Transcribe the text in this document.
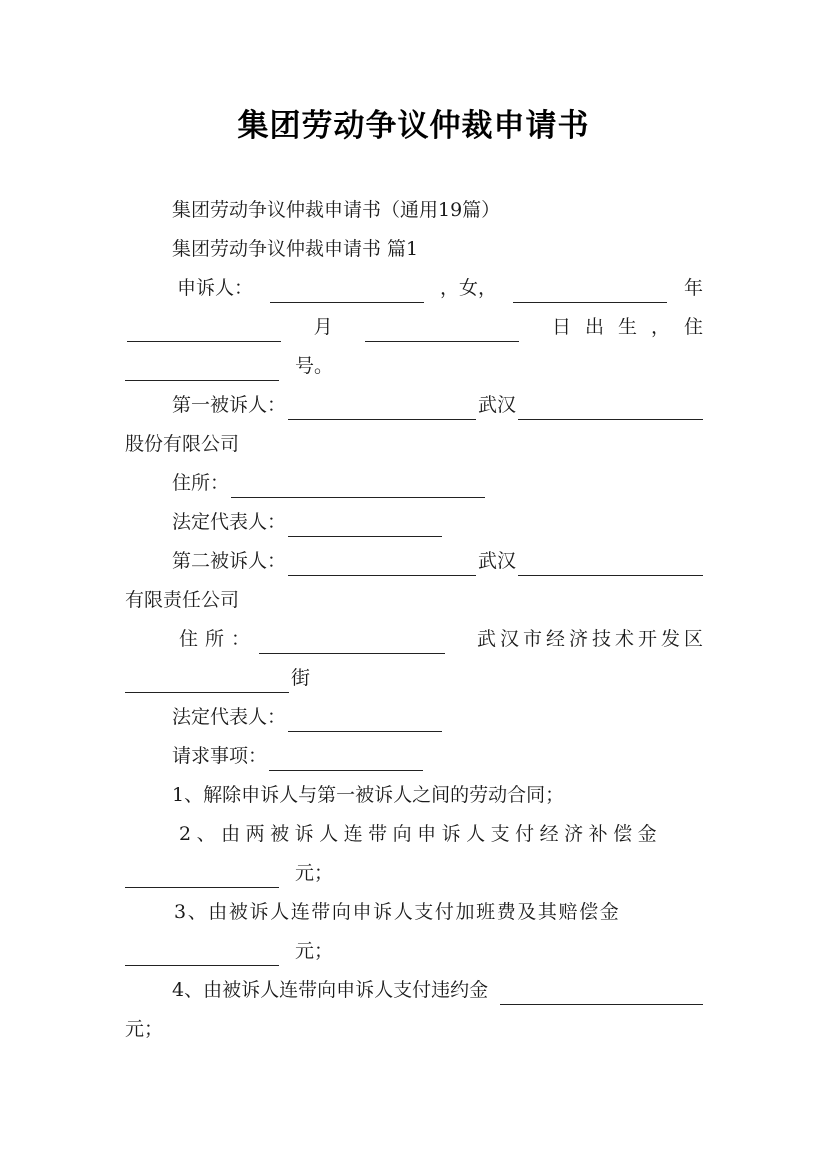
集团劳动争议仲裁申请书
集团劳动争议仲裁申请书（通用19篇）
集团劳动争议仲裁申请书 篇1
申诉人：	，女，	年
月	日出生，住
号。
第一被诉人：	武汉
股份有限公司
住所：
法定代表人：
第二被诉人：	武汉
有限责任公司
住所：	武汉市经济技术开发区
街
法定代表人：
请求事项：
1、解除申诉人与第一被诉人之间的劳动合同；
2、由两被诉人连带向申诉人支付经济补偿金
元；
3、由被诉人连带向申诉人支付加班费及其赔偿金
元；
4、由被诉人连带向申诉人支付违约金
元；
